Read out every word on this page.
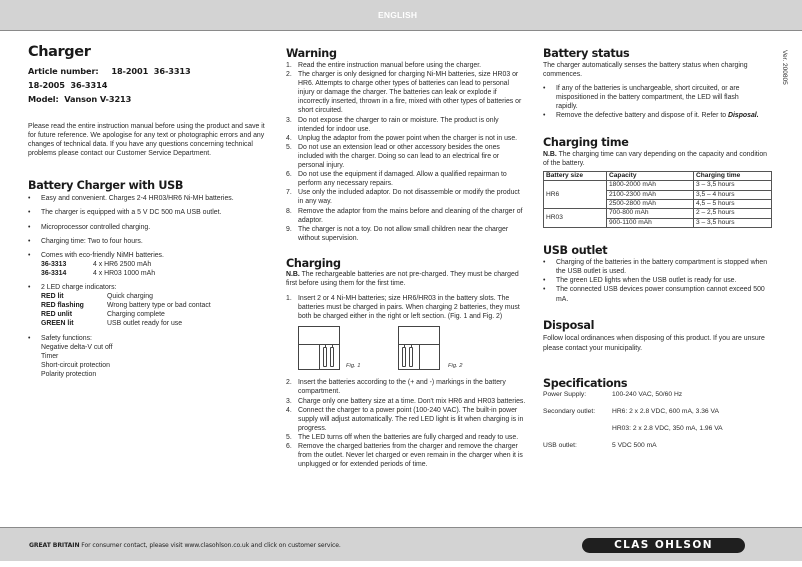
ENGLISH
Ver. 200805
Charger
Article number: 18-2001 36-3313
18-2005 36-3314
Model: Vanson V-3213

Please read the entire instruction manual before using the product and save it for future reference. We apologise for any text or photographic errors and any changes of technical data. If you have any questions concerning technical problems please contact our Customer Service Department.

Battery Charger with USB
• Easy and convenient. Charges 2-4 HR03/HR6 Ni-MH batteries.
• The charger is equipped with a 5 V DC 500 mA USB outlet.
• Microprocessor controlled charging.
• Charging time: Two to four hours.
• Comes with eco-friendly NiMH batteries.
36-3313	4 x HR6 2500 mAh
36-3314	4 x HR03 1000 mAh
• 2 LED charge indicators:
RED lit	Quick charging
RED flashing	Wrong battery type or bad contact
RED unlit	Charging complete
GREEN lit	USB outlet ready for use
• Safety functions:
Negative delta-V cut off
Timer
Short-circuit protection
Polarity protection
Warning
1. Read the entire instruction manual before using the charger.
2. The charger is only designed for charging Ni-MH batteries, size HR03 or HR6. Attempts to charge other types of batteries can lead to personal injury or damage the charger. The batteries can leak or explode if incorrectly inserted, thrown in a fire, mixed with other types of batteries or short circuited.
3. Do not expose the charger to rain or moisture. The product is only intended for indoor use.
4. Unplug the adaptor from the power point when the charger is not in use.
5. Do not use an extension lead or other accessory besides the ones included with the charger. Doing so can lead to an electrical fire or personal injury.
6. Do not use the equipment if damaged. Allow a qualified repairman to perform any necessary repairs.
7. Use only the included adaptor. Do not disassemble or modify the product in any way.
8. Remove the adaptor from the mains before and cleaning of the charger of adaptor.
9. The charger is not a toy. Do not allow small children near the charger without supervision.
Charging

N.B. The rechargeable batteries are not pre-charged. They must be charged first before using them for the first time.

1. Insert 2 or 4 Ni-MH batteries; size HR6/HR03 in the battery slots. The batteries must be charged in pairs. When charging 2 batteries, they must both be charged either in the right or left section. (Fig. 1 and Fig. 2)
Fig. 1	Fig. 2
2. Insert the batteries according to the (+ and -) markings in the battery compartment.
3. Charge only one battery size at a time. Don't mix HR6 and HR03 batteries.
4. Connect the charger to a power point (100-240 VAC). The built-in power supply will adjust automatically. The red LED light is lit when charging is in progress.
5. The LED turns off when the batteries are fully charged and ready to use.
6. Remove the charged batteries from the charger and remove the charger from the outlet. Never let charged or even remain in the charger when it is unplugged or for extended periods of time.
Battery status

The charger automatically senses the battery status when charging commences.

• If any of the batteries is unchargeable, short circuited, or are mispositioned in the battery compartment, the LED will flash rapidly.
• Remove the defective battery and dispose of it. Refer to Disposal.
Charging time

N.B. The charging time can vary depending on the capacity and condition of the battery.

Battery size	Capacity	Charging time
HR6	1800-2000 mAh	3 – 3,5 hours
	2100-2300 mAh	3,5 – 4 hours
	2500-2800 mAh	4,5 – 5 hours
HR03	700-800 mAh	2 – 2,5 hours
	900-1100 mAh	3 – 3,5 hours
USB outlet
• Charging of the batteries in the battery compartment is stopped when the USB outlet is used.
• The green LED lights when the USB outlet is ready for use.
• The connected USB devices power consumption cannot exceed 500 mA.
Disposal

Follow local ordinances when disposing of this product. If you are unsure please contact your municipality.

Specifications
Power Supply:	100-240 VAC, 50/60 Hz
Secondary outlet:	HR6: 2 x 2.8 VDC, 600 mA, 3.36 VA
HR03: 2 x 2.8 VDC, 350 mA, 1.96 VA
USB outlet:	5 VDC 500 mA
GREAT BRITAIN For consumer contact, please visit www.clasohlson.co.uk and click on customer service.	CLAS OHLSON
